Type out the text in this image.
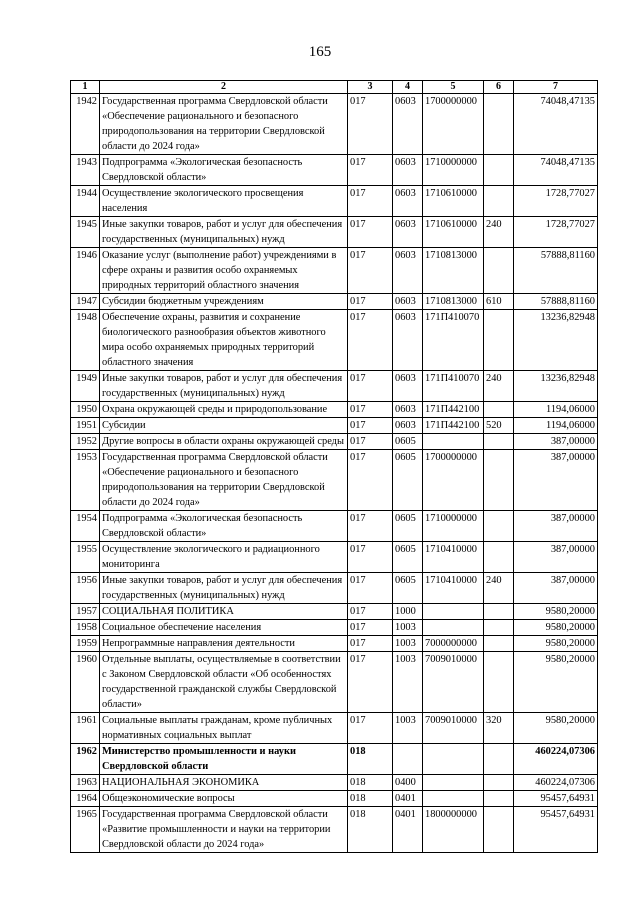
165
1	2	3	4	5	6	7
1942	Государственная программа Свердловской области «Обеспечение рационального и безопасного природопользования на территории Свердловской области до 2024 года»	017	0603	1700000000		74048,47135
1943	Подпрограмма «Экологическая безопасность Свердловской области»	017	0603	1710000000		74048,47135
1944	Осуществление экологического просвещения населения	017	0603	1710610000		1728,77027
1945	Иные закупки товаров, работ и услуг для обеспечения государственных (муниципальных) нужд	017	0603	1710610000	240	1728,77027
1946	Оказание услуг (выполнение работ) учреждениями в сфере охраны и развития особо охраняемых природных территорий областного значения	017	0603	1710813000		57888,81160
1947	Субсидии бюджетным учреждениям	017	0603	1710813000	610	57888,81160
1948	Обеспечение охраны, развития и сохранение биологического разнообразия объектов животного мира особо охраняемых природных территорий областного значения	017	0603	171П410070		13236,82948
1949	Иные закупки товаров, работ и услуг для обеспечения государственных (муниципальных) нужд	017	0603	171П410070	240	13236,82948
1950	Охрана окружающей среды и природопользование	017	0603	171П442100		1194,06000
1951	Субсидии	017	0603	171П442100	520	1194,06000
1952	Другие вопросы в области охраны окружающей среды	017	0605			387,00000
1953	Государственная программа Свердловской области «Обеспечение рационального и безопасного природопользования на территории Свердловской области до 2024 года»	017	0605	1700000000		387,00000
1954	Подпрограмма «Экологическая безопасность Свердловской области»	017	0605	1710000000		387,00000
1955	Осуществление экологического и радиационного мониторинга	017	0605	1710410000		387,00000
1956	Иные закупки товаров, работ и услуг для обеспечения государственных (муниципальных) нужд	017	0605	1710410000	240	387,00000
1957	СОЦИАЛЬНАЯ ПОЛИТИКА	017	1000			9580,20000
1958	Социальное обеспечение населения	017	1003			9580,20000
1959	Непрограммные направления деятельности	017	1003	7000000000		9580,20000
1960	Отдельные выплаты, осуществляемые в соответствии с Законом Свердловской области «Об особенностях государственной гражданской службы Свердловской области»	017	1003	7009010000		9580,20000
1961	Социальные выплаты гражданам, кроме публичных нормативных социальных выплат	017	1003	7009010000	320	9580,20000
1962	Министерство промышленности и науки Свердловской области	018				460224,07306
1963	НАЦИОНАЛЬНАЯ ЭКОНОМИКА	018	0400			460224,07306
1964	Общеэкономические вопросы	018	0401			95457,64931
1965	Государственная программа Свердловской области «Развитие промышленности и науки на территории Свердловской области до 2024 года»	018	0401	1800000000		95457,64931
